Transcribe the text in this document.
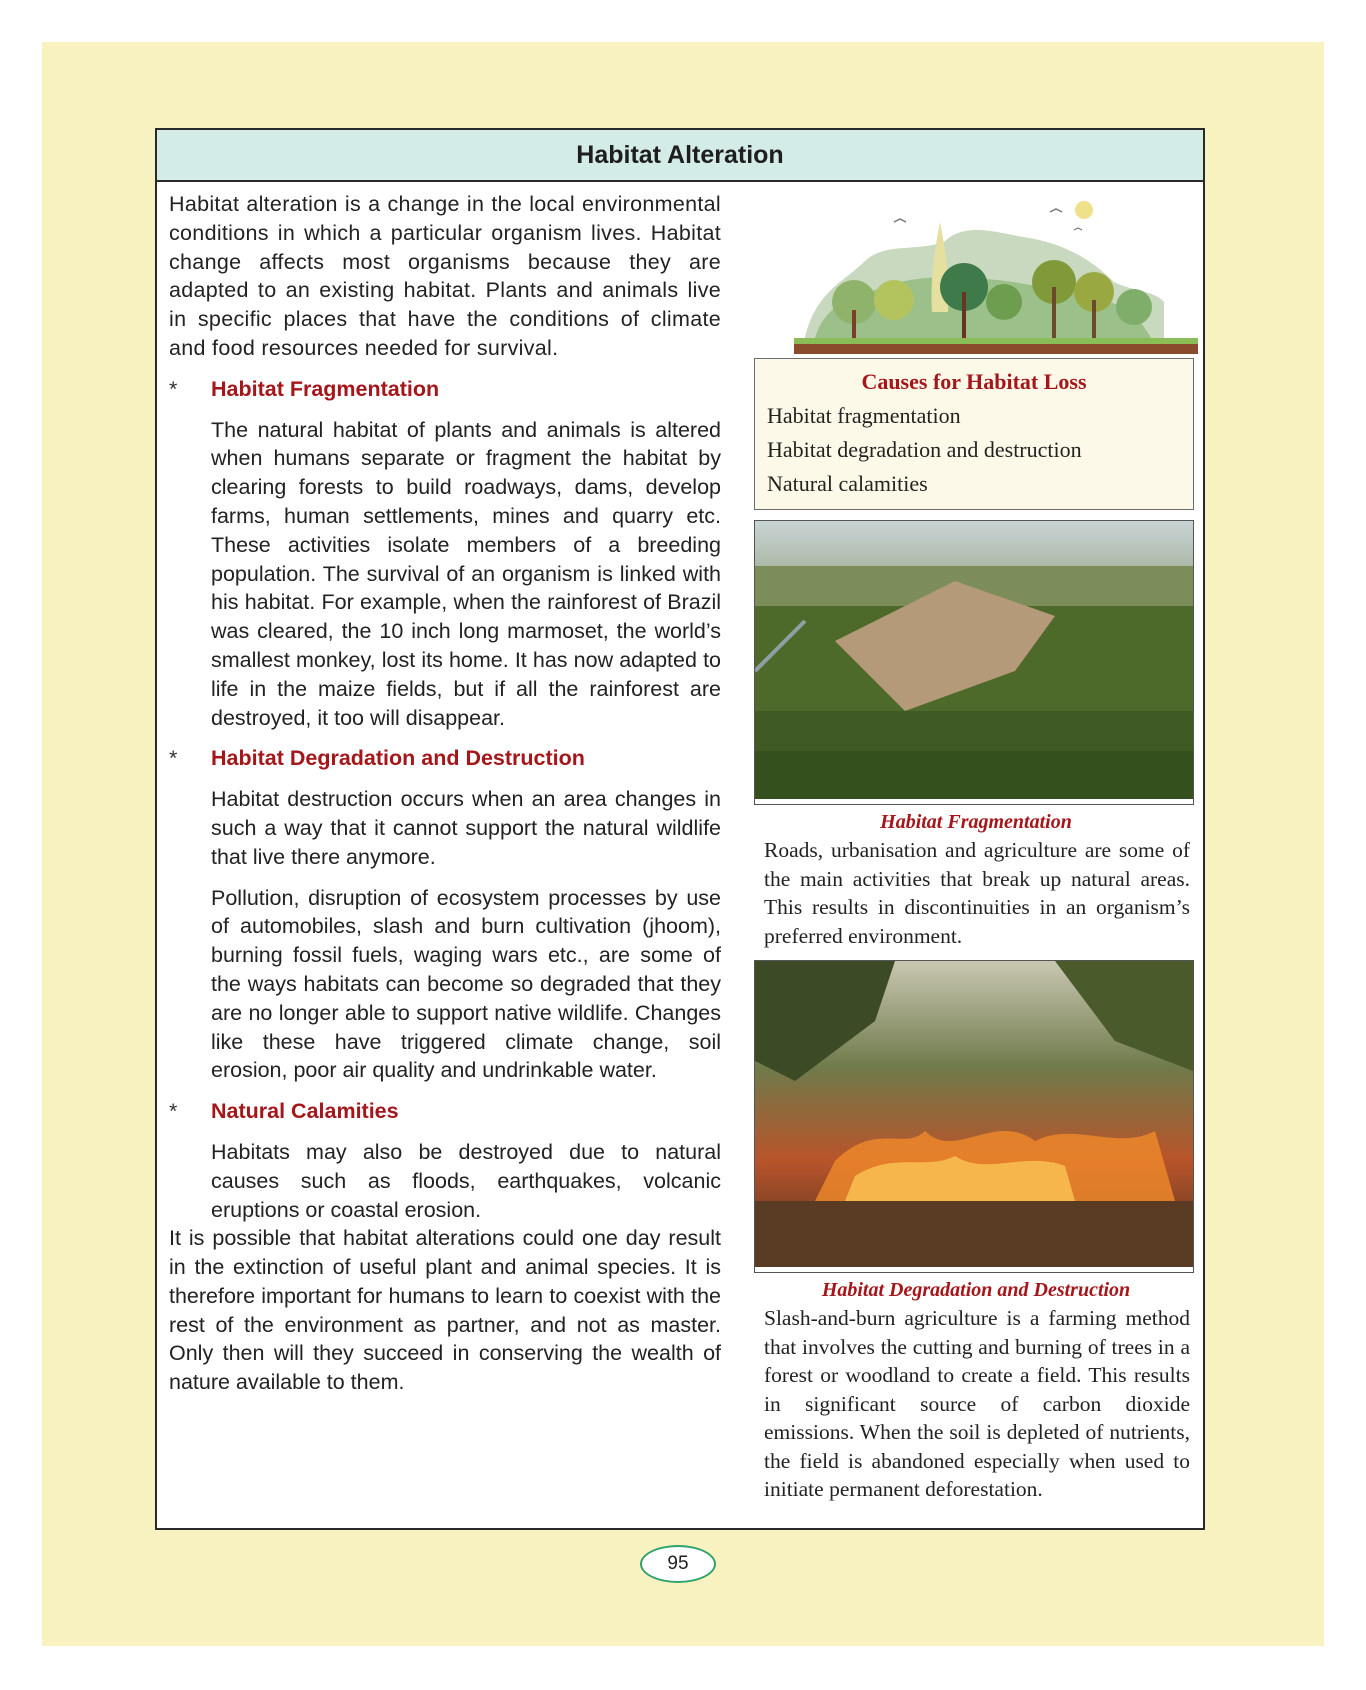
Habitat Alteration

Habitat alteration is a change in the local environmental conditions in which a particular organism lives. Habitat change affects most organisms because they are adapted to an existing habitat. Plants and animals live in specific places that have the conditions of climate and food resources needed for survival.

*	Habitat Fragmentation

The natural habitat of plants and animals is altered when humans separate or fragment the habitat by clearing forests to build roadways, dams, develop farms, human settlements, mines and quarry etc. These activities isolate members of a breeding population. The survival of an organism is linked with his habitat. For example, when the rainforest of Brazil was cleared, the 10 inch long marmoset, the world’s smallest monkey, lost its home. It has now adapted to life in the maize fields, but if all the rainforest are destroyed, it too will disappear.

*	Habitat Degradation and Destruction

Habitat destruction occurs when an area changes in such a way that it cannot support the natural wildlife that live there anymore.

Pollution, disruption of ecosystem processes by use of automobiles, slash and burn cultivation (jhoom), burning fossil fuels, waging wars etc., are some of the ways habitats can become so degraded that they are no longer able to support native wildlife. Changes like these have triggered climate change, soil erosion, poor air quality and undrinkable water.

*	Natural Calamities

Habitats may also be destroyed due to natural causes such as floods, earthquakes, volcanic eruptions or coastal erosion.

It is possible that habitat alterations could one day result in the extinction of useful plant and animal species. It is therefore important for humans to learn to coexist with the rest of the environment as partner, and not as master. Only then will they succeed in conserving the wealth of nature available to them.

Causes for Habitat Loss
Habitat fragmentation
Habitat degradation and destruction
Natural calamities
Habitat Fragmentation
Roads, urbanisation and agriculture are some of the main activities that break up natural areas. This results in discontinuities in an organism’s preferred environment.
Habitat Degradation and Destruction
Slash-and-burn agriculture is a farming method that involves the cutting and burning of trees in a forest or woodland to create a field. This results in significant source of carbon dioxide emissions. When the soil is depleted of nutrients, the field is abandoned especially when used to initiate permanent deforestation.
95
